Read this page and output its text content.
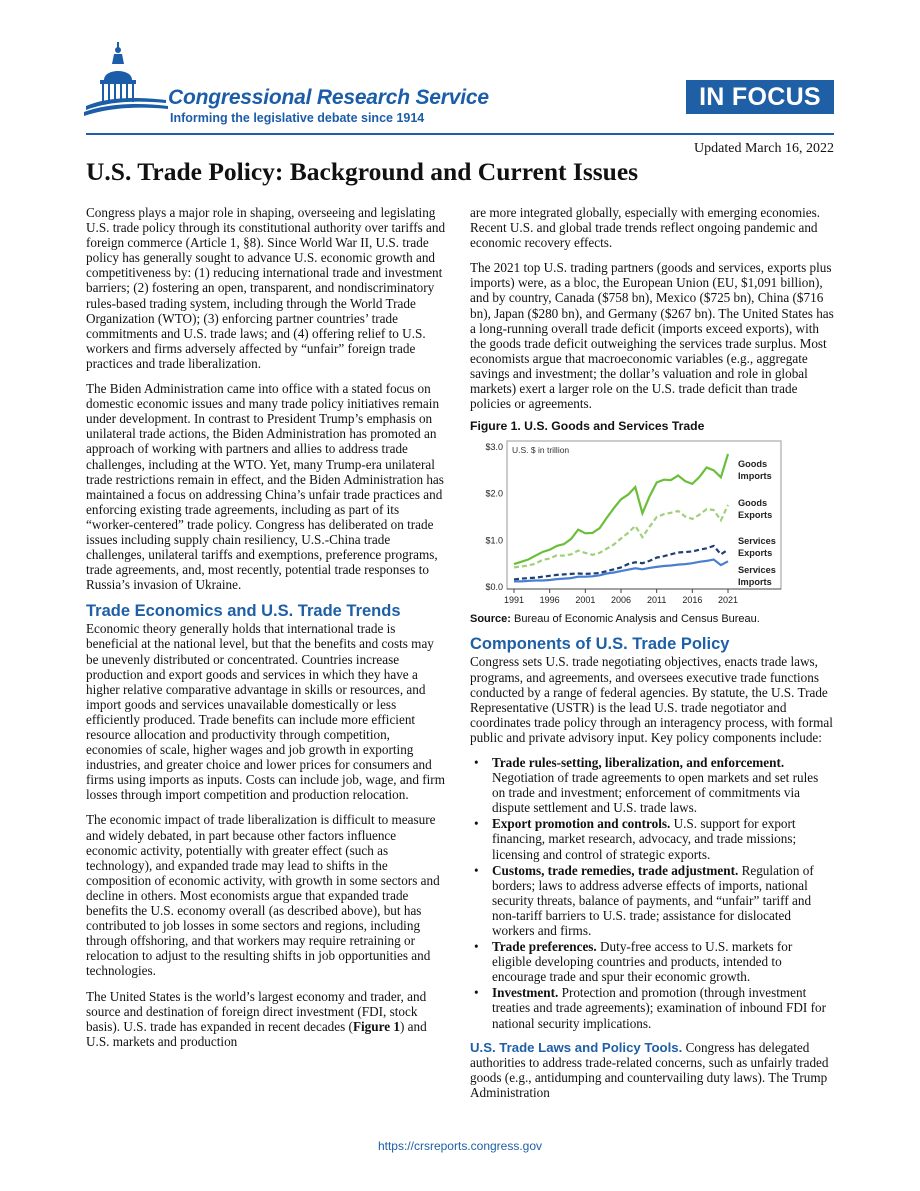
Congressional Research Service
Informing the legislative debate since 1914
IN FOCUS
Updated March 16, 2022
U.S. Trade Policy: Background and Current Issues

Congress plays a major role in shaping, overseeing and legislating U.S. trade policy through its constitutional authority over tariffs and foreign commerce (Article 1, §8). Since World War II, U.S. trade policy has generally sought to advance U.S. economic growth and competitiveness by: (1) reducing international trade and investment barriers; (2) fostering an open, transparent, and nondiscriminatory rules-based trading system, including through the World Trade Organization (WTO); (3) enforcing partner countries’ trade commitments and U.S. trade laws; and (4) offering relief to U.S. workers and firms adversely affected by “unfair” foreign trade practices and trade liberalization.

The Biden Administration came into office with a stated focus on domestic economic issues and many trade policy initiatives remain under development. In contrast to President Trump’s emphasis on unilateral trade actions, the Biden Administration has promoted an approach of working with partners and allies to address trade challenges, including at the WTO. Yet, many Trump-era unilateral trade restrictions remain in effect, and the Biden Administration has maintained a focus on addressing China’s unfair trade practices and enforcing existing trade agreements, including as part of its “worker-centered” trade policy. Congress has deliberated on trade issues including supply chain resiliency, U.S.-China trade challenges, unilateral tariffs and exemptions, preference programs, trade agreements, and, most recently, potential trade responses to Russia’s invasion of Ukraine.

Trade Economics and U.S. Trade Trends

Economic theory generally holds that international trade is beneficial at the national level, but that the benefits and costs may be unevenly distributed or concentrated. Countries increase production and export goods and services in which they have a higher relative comparative advantage in skills or resources, and import goods and services unavailable domestically or less efficiently produced. Trade benefits can include more efficient resource allocation and productivity through competition, economies of scale, higher wages and job growth in exporting industries, and greater choice and lower prices for consumers and firms using imports as inputs. Costs can include job, wage, and firm losses through import competition and production relocation.

The economic impact of trade liberalization is difficult to measure and widely debated, in part because other factors influence economic activity, potentially with greater effect (such as technology), and expanded trade may lead to shifts in the composition of economic activity, with growth in some sectors and decline in others. Most economists argue that expanded trade benefits the U.S. economy overall (as described above), but has contributed to job losses in some sectors and regions, including through offshoring, and that workers may require retraining or relocation to adjust to the resulting shifts in job opportunities and technologies.

The United States is the world’s largest economy and trader, and source and destination of foreign direct investment (FDI, stock basis). U.S. trade has expanded in recent decades (Figure 1) and U.S. markets and production

are more integrated globally, especially with emerging economies. Recent U.S. and global trade trends reflect ongoing pandemic and economic recovery effects.

The 2021 top U.S. trading partners (goods and services, exports plus imports) were, as a bloc, the European Union (EU, $1,091 billion), and by country, Canada ($758 bn), Mexico ($725 bn), China ($716 bn), Japan ($280 bn), and Germany ($267 bn). The United States has a long-running overall trade deficit (imports exceed exports), with the goods trade deficit outweighing the services trade surplus. Most economists argue that macroeconomic variables (e.g., aggregate savings and investment; the dollar’s valuation and role in global markets) exert a larger role on the U.S. trade deficit than trade policies or agreements.

Figure 1. U.S. Goods and Services Trade
$0.0
$1.0
$2.0
$3.0
1991 1996 2001 2006 2011 2016 2021
U.S. $ in trillion
Goods
Imports
Goods
Exports
Services
Exports
Services
Imports
Source: Bureau of Economic Analysis and Census Bureau.
Components of U.S. Trade Policy

Congress sets U.S. trade negotiating objectives, enacts trade laws, programs, and agreements, and oversees executive trade functions conducted by a range of federal agencies. By statute, the U.S. Trade Representative (USTR) is the lead U.S. trade negotiator and coordinates trade policy through an interagency process, with formal public and private advisory input. Key policy components include:

• Trade rules-setting, liberalization, and enforcement. Negotiation of trade agreements to open markets and set rules on trade and investment; enforcement of commitments via dispute settlement and U.S. trade laws.
• Export promotion and controls. U.S. support for export financing, market research, advocacy, and trade missions; licensing and control of strategic exports.
• Customs, trade remedies, trade adjustment. Regulation of borders; laws to address adverse effects of imports, national security threats, balance of payments, and “unfair” tariff and non-tariff barriers to U.S. trade; assistance for dislocated workers and firms.
• Trade preferences. Duty-free access to U.S. markets for eligible developing countries and products, intended to encourage trade and spur their economic growth.
• Investment. Protection and promotion (through investment treaties and trade agreements); examination of inbound FDI for national security implications.

U.S. Trade Laws and Policy Tools. Congress has delegated authorities to address trade-related concerns, such as unfairly traded goods (e.g., antidumping and countervailing duty laws). The Trump Administration

https://crsreports.congress.gov
